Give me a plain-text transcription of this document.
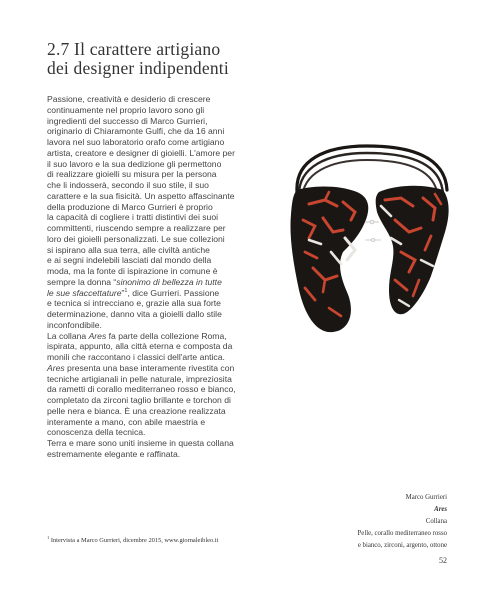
2.7 Il carattere artigiano
dei designer indipendenti
Passione, creatività e desiderio di crescere
continuamente nel proprio lavoro sono gli
ingredienti del successo di Marco Gurrieri,
originario di Chiaramonte Gulfi, che da 16 anni
lavora nel suo laboratorio orafo come artigiano
artista, creatore e designer di gioielli. L'amore per
il suo lavoro e la sua dedizione gli permettono
di realizzare gioielli su misura per la persona
che li indosserà, secondo il suo stile, il suo
carattere e la sua fisicità. Un aspetto affascinante
della produzione di Marco Gurrieri è proprio
la capacità di cogliere i tratti distintivi dei suoi
committenti, riuscendo sempre a realizzare per
loro dei gioielli personalizzati. Le sue collezioni
si ispirano alla sua terra, alle civiltà antiche
e ai segni indelebili lasciati dal mondo della
moda, ma la fonte di ispirazione in comune è
sempre la donna “sinonimo di bellezza in tutte
le sue sfaccettature”$^1$, dice Gurrieri. Passione
e tecnica si intrecciano e, grazie alla sua forte
determinazione, danno vita a gioielli dallo stile
inconfondibile.
La collana Ares fa parte della collezione Roma,
ispirata, appunto, alla città eterna e composta da
monili che raccontano i classici dell'arte antica.
Ares presenta una base interamente rivestita con
tecniche artigianali in pelle naturale, impreziosita
da rametti di corallo mediterraneo rosso e bianco,
completato da zirconi taglio brillante e torchon di
pelle nera e bianca. È una creazione realizzata
interamente a mano, con abile maestria e
conoscenza della tecnica.
Terra e mare sono uniti insieme in questa collana
estremamente elegante e raffinata.
Marco Gurrieri
Ares
Collana
Pelle, corallo mediterraneo rosso
e bianco, zirconi, argento, ottone
$^1$ Intervista a Marco Gurrieri, dicembre 2015, www.giornaleibleo.it
52
